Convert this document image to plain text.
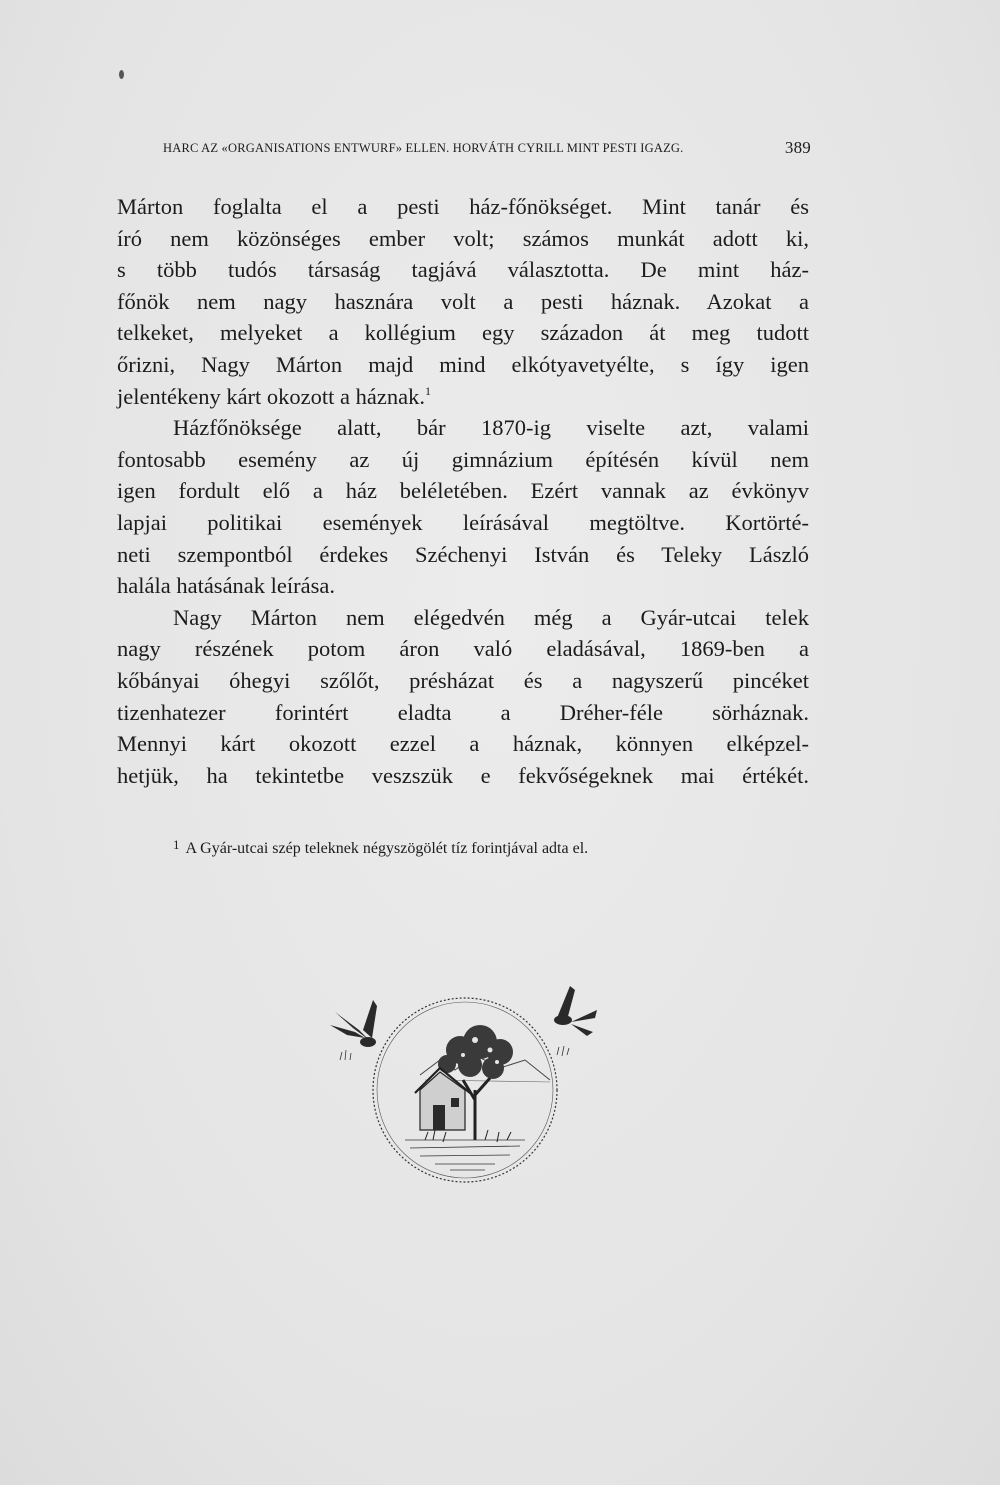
HARC AZ «ORGANISATIONS ENTWURF» ELLEN. HORVÁTH CYRILL MINT PESTI IGAZG.	389
Márton foglalta el a pesti ház-főnökséget. Mint tanár és
író nem közönséges ember volt; számos munkát adott ki,
s több tudós társaság tagjává választotta. De mint ház-
főnök nem nagy hasznára volt a pesti háznak. Azokat a
telkeket, melyeket a kollégium egy századon át meg tudott
őrizni, Nagy Márton majd mind elkótyavetyélte, s így igen
jelentékeny kárt okozott a háznak.$^1$
Házfőnöksége alatt, bár 1870-ig viselte azt, valami
fontosabb esemény az új gimnázium építésén kívül nem
igen fordult elő a ház beléletében. Ezért vannak az évkönyv
lapjai politikai események leírásával megtöltve. Kortörté-
neti szempontból érdekes Széchenyi István és Teleky László
halála hatásának leírása.
Nagy Márton nem elégedvén még a Gyár-utcai telek
nagy részének potom áron való eladásával, 1869-ben a
kőbányai óhegyi szőlőt, présházat és a nagyszerű pincéket
tizenhatezer forintért eladta a Dréher-féle sörháznak.
Mennyi kárt okozott ezzel a háznak, könnyen elképzel-
hetjük, ha tekintetbe veszszük e fekvőségeknek mai értékét.
$^1$ A Gyár-utcai szép teleknek négyszögölét tíz forintjával adta el.
